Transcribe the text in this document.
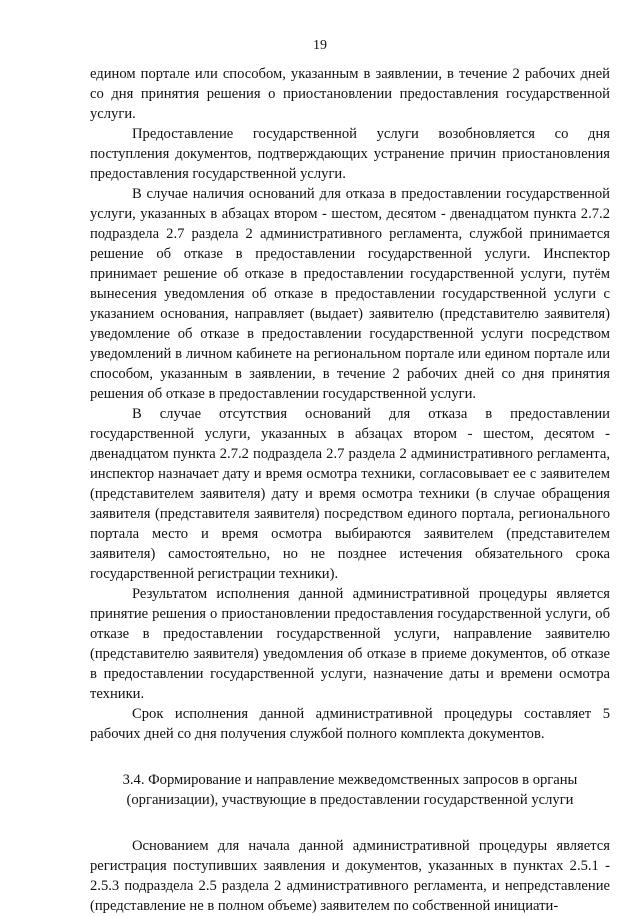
19

едином портале или способом, указанным в заявлении, в течение 2 рабочих дней со дня принятия решения о приостановлении предоставления государственной услуги.

Предоставление государственной услуги возобновляется со дня поступления документов, подтверждающих устранение причин приостановления предоставления государственной услуги.

В случае наличия оснований для отказа в предоставлении государственной услуги, указанных в абзацах втором - шестом, десятом - двенадцатом пункта 2.7.2 подраздела 2.7 раздела 2 административного регламента, службой принимается решение об отказе в предоставлении государственной услуги. Инспектор принимает решение об отказе в предоставлении государственной услуги, путём вынесения уведомления об отказе в предоставлении государственной услуги с указанием основания, направляет (выдает) заявителю (представителю заявителя) уведомление об отказе в предоставлении государственной услуги посредством уведомлений в личном кабинете на региональном портале или едином портале или способом, указанным в заявлении, в течение 2 рабочих дней со дня принятия решения об отказе в предоставлении государственной услуги.

В случае отсутствия оснований для отказа в предоставлении государственной услуги, указанных в абзацах втором - шестом, десятом - двенадцатом пункта 2.7.2 подраздела 2.7 раздела 2 административного регламента, инспектор назначает дату и время осмотра техники, согласовывает ее с заявителем (представителем заявителя) дату и время осмотра техники (в случае обращения заявителя (представителя заявителя) посредством единого портала, регионального портала место и время осмотра выбираются заявителем (представителем заявителя) самостоятельно, но не позднее истечения обязательного срока государственной регистрации техники).

Результатом исполнения данной административной процедуры является принятие решения о приостановлении предоставления государственной услуги, об отказе в предоставлении государственной услуги, направление заявителю (представителю заявителя) уведомления об отказе в приеме документов, об отказе в предоставлении государственной услуги, назначение даты и времени осмотра техники.

Срок исполнения данной административной процедуры составляет 5 рабочих дней со дня получения службой полного комплекта документов.

3.4. Формирование и направление межведомственных запросов в органы
(организации), участвующие в предоставлении государственной услуги

Основанием для начала данной административной процедуры является регистрация поступивших заявления и документов, указанных в пунктах 2.5.1 - 2.5.3 подраздела 2.5 раздела 2 административного регламента, и непредставление (представление не в полном объеме) заявителем по собственной инициати-
